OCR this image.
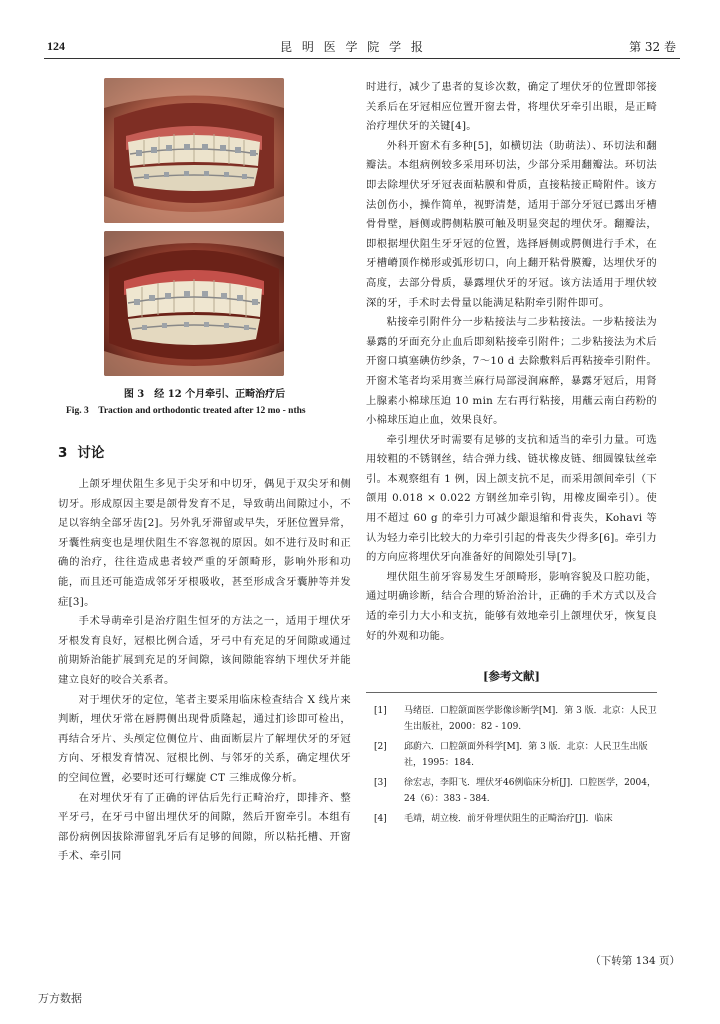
124	昆 明 医 学 院 学 报	第 32 卷
图 3　经 12 个月牵引、正畸治疗后
Fig. 3　Traction and orthodontic treated after 12 mo - nths
3 讨论

上颌牙埋伏阻生多见于尖牙和中切牙，偶见于双尖牙和侧切牙。形成原因主要是颌骨发育不足，导致萌出间隙过小，不足以容纳全部牙齿[2]。另外乳牙滞留或早失，牙胚位置异常，牙囊性病变也是埋伏阻生不容忽视的原因。如不进行及时和正确的治疗，往往造成患者较严重的牙颌畸形，影响外形和功能，而且还可能造成邻牙牙根吸收，甚至形成含牙囊肿等并发症[3]。

手术导萌牵引是治疗阻生恒牙的方法之一，适用于埋伏牙牙根发育良好，冠根比例合适，牙弓中有充足的牙间隙或通过前期矫治能扩展到充足的牙间隙，该间隙能容纳下埋伏牙并能建立良好的咬合关系者。

对于埋伏牙的定位，笔者主要采用临床检查结合 X 线片来判断，埋伏牙常在唇腭侧出现骨质隆起，通过扪诊即可检出，再结合牙片、头颅定位侧位片、曲面断层片了解埋伏牙的牙冠方向、牙根发育情况、冠根比例、与邻牙的关系，确定埋伏牙的空间位置，必要时还可行螺旋 CT 三维成像分析。

在对埋伏牙有了正确的评估后先行正畸治疗，即排齐、整平牙弓，在牙弓中留出埋伏牙的间隙，然后开窗牵引。本组有部份病例因拔除滞留乳牙后有足够的间隙，所以粘托槽、开窗手术、牵引同

时进行，减少了患者的复诊次数，确定了埋伏牙的位置即邻接关系后在牙冠相应位置开窗去骨，将埋伏牙牵引出眼，是正畸治疗埋伏牙的关键[4]。

外科开窗术有多种[5]，如横切法（助萌法）、环切法和翻瓣法。本组病例较多采用环切法，少部分采用翻瓣法。环切法即去除埋伏牙牙冠表面粘膜和骨质，直接粘接正畸附件。该方法创伤小，操作简单，视野清楚，适用于部分牙冠已露出牙槽骨骨壁，唇侧或腭侧粘膜可触及明显突起的埋伏牙。翻瓣法，即根据埋伏阻生牙牙冠的位置，选择唇侧或腭侧进行手术，在牙槽嵴顶作梯形或弧形切口，向上翻开粘骨膜瓣，达埋伏牙的高度，去部分骨质，暴露埋伏牙的牙冠。该方法适用于埋伏较深的牙，手术时去骨量以能满足粘附牵引附件即可。

粘接牵引附件分一步粘接法与二步粘接法。一步粘接法为暴露的牙面充分止血后即刻粘接牵引附件；二步粘接法为术后开窗口填塞碘仿纱条，7～10 d 去除敷料后再粘接牵引附件。开窗术笔者均采用赛兰麻行局部浸润麻醉，暴露牙冠后，用肾上腺素小棉球压迫 10 min 左右再行粘接，用蘸云南白药粉的小棉球压迫止血，效果良好。

牵引埋伏牙时需要有足够的支抗和适当的牵引力量。可选用较粗的不锈钢丝，结合弹力线、链状橡皮链、细圆镍钛丝牵引。本观察组有 1 例，因上颌支抗不足，而采用颌间牵引（下颌用 0.018 × 0.022 方钢丝加牵引钩，用橡皮圈牵引）。使用不超过 60 g 的牵引力可减少龈退缩和骨丧失，Kohavi 等认为轻力牵引比较大的力牵引引起的骨丧失少得多[6]。牵引力的方向应将埋伏牙向准备好的间隙处引导[7]。

埋伏阻生前牙容易发生牙颌畸形，影响容貌及口腔功能，通过明确诊断，结合合理的矫治治计，正确的手术方式以及合适的牵引力大小和支抗，能够有效地牵引上颌埋伏牙，恢复良好的外观和功能。

[参考文献]
[1]	马绪臣．口腔颌面医学影像诊断学[M]．第 3 版．北京：人民卫生出版社，2000：82 - 109.
[2]	邱蔚六．口腔颌面外科学[M]．第 3 版．北京：人民卫生出版社，1995：184.
[3]	徐宏志，李阳飞．埋伏牙46例临床分析[J]．口腔医学，2004，24（6）：383 - 384.
[4]	毛靖，胡立梭．前牙骨埋伏阻生的正畸治疗[J]．临床
（下转第 134 页）
万方数据
